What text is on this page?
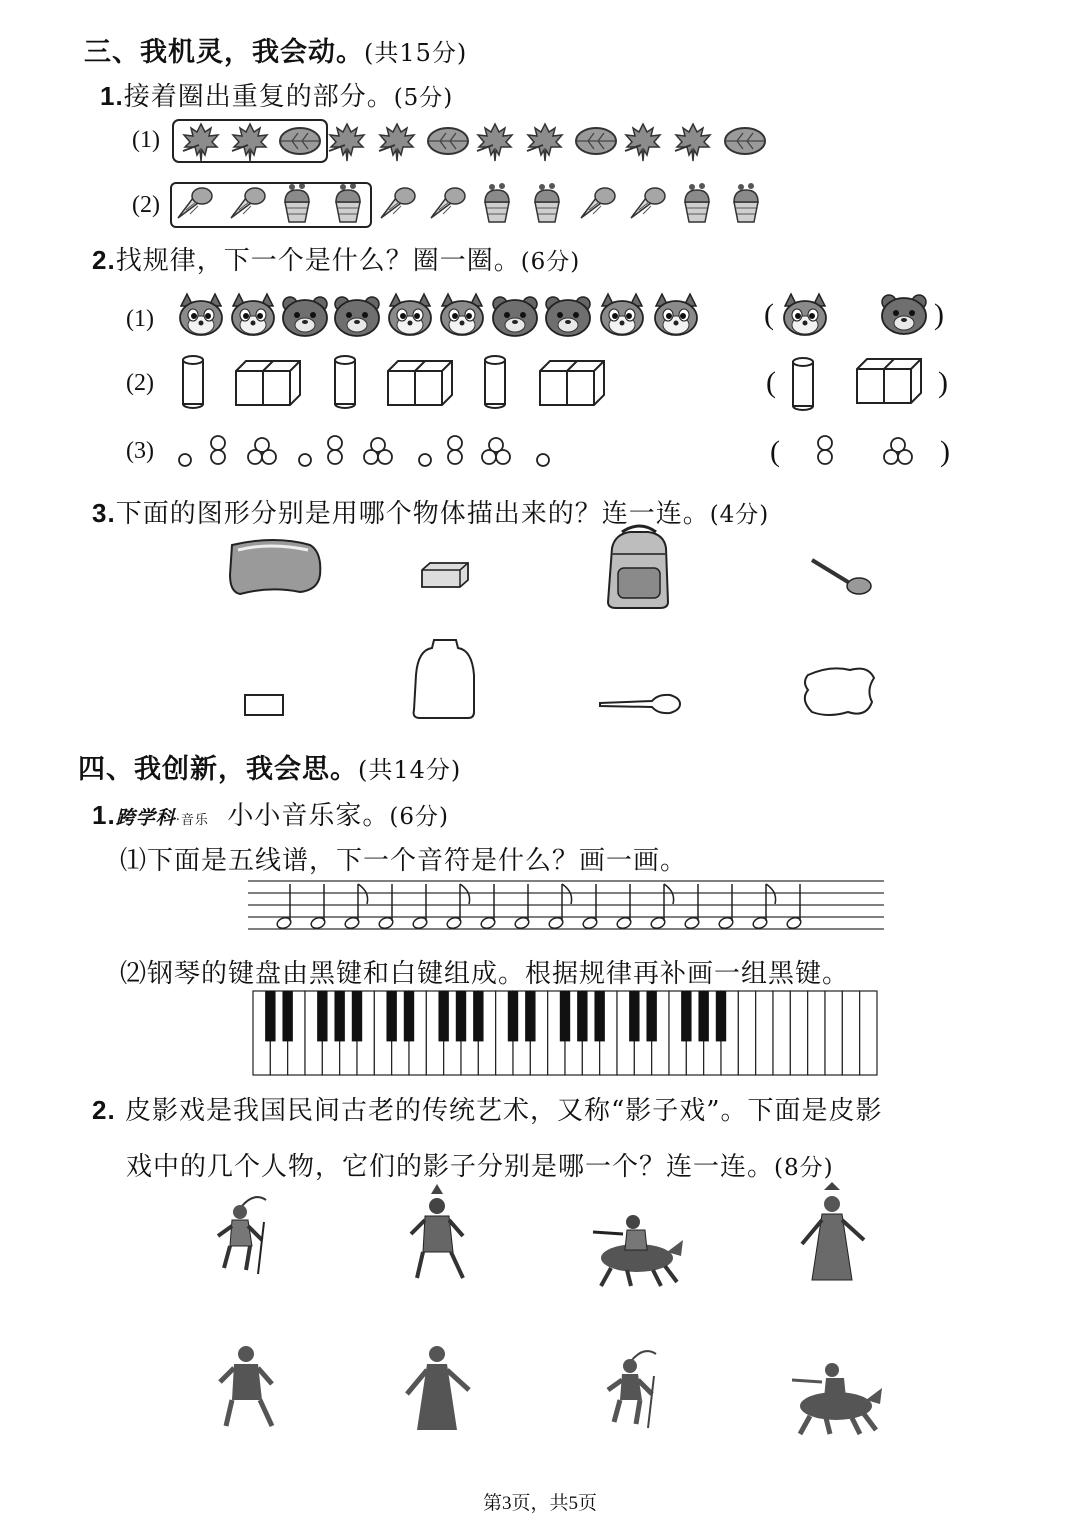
三、我机灵，我会动。(共15分)
1.接着圈出重复的部分。(5分)
(1)
(2)
2.找规律，下一个是什么？圈一圈。(6分)
(1)
(2)
(3)
(	)
(	)
(	)
3.下面的图形分别是用哪个物体描出来的？连一连。(4分)
四、我创新，我会思。(共14分)
1.跨学科·音乐 小小音乐家。(6分)
⑴下面是五线谱，下一个音符是什么？画一画。
⑵钢琴的键盘由黑键和白键组成。根据规律再补画一组黑键。
2. 皮影戏是我国民间古老的传统艺术，又称“影子戏”。下面是皮影
戏中的几个人物，它们的影子分别是哪一个？连一连。(8分)
第3页，共5页
